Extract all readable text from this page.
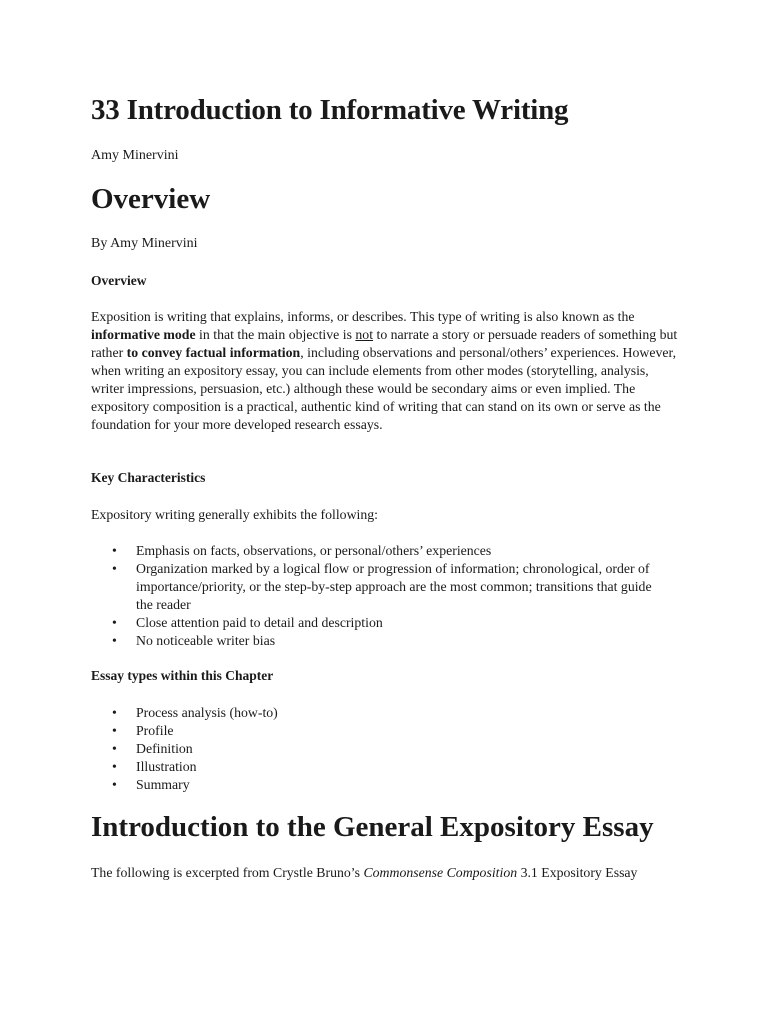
33 Introduction to Informative Writing

Amy Minervini

Overview

By Amy Minervini

Overview

Exposition is writing that explains, informs, or describes. This type of writing is also known as the informative mode in that the main objective is not to narrate a story or persuade readers of something but rather to convey factual information, including observations and personal/others’ experiences. However, when writing an expository essay, you can include elements from other modes (storytelling, analysis, writer impressions, persuasion, etc.) although these would be secondary aims or even implied. The expository composition is a practical, authentic kind of writing that can stand on its own or serve as the foundation for your more developed research essays.

Key Characteristics

Expository writing generally exhibits the following:

• Emphasis on facts, observations, or personal/others’ experiences
• Organization marked by a logical flow or progression of information; chronological, order of importance/priority, or the step-by-step approach are the most common; transitions that guide the reader
• Close attention paid to detail and description
• No noticeable writer bias

Essay types within this Chapter

• Process analysis (how-to)
• Profile
• Definition
• Illustration
• Summary
Introduction to the General Expository Essay

The following is excerpted from Crystle Bruno’s Commonsense Composition 3.1 Expository Essay
